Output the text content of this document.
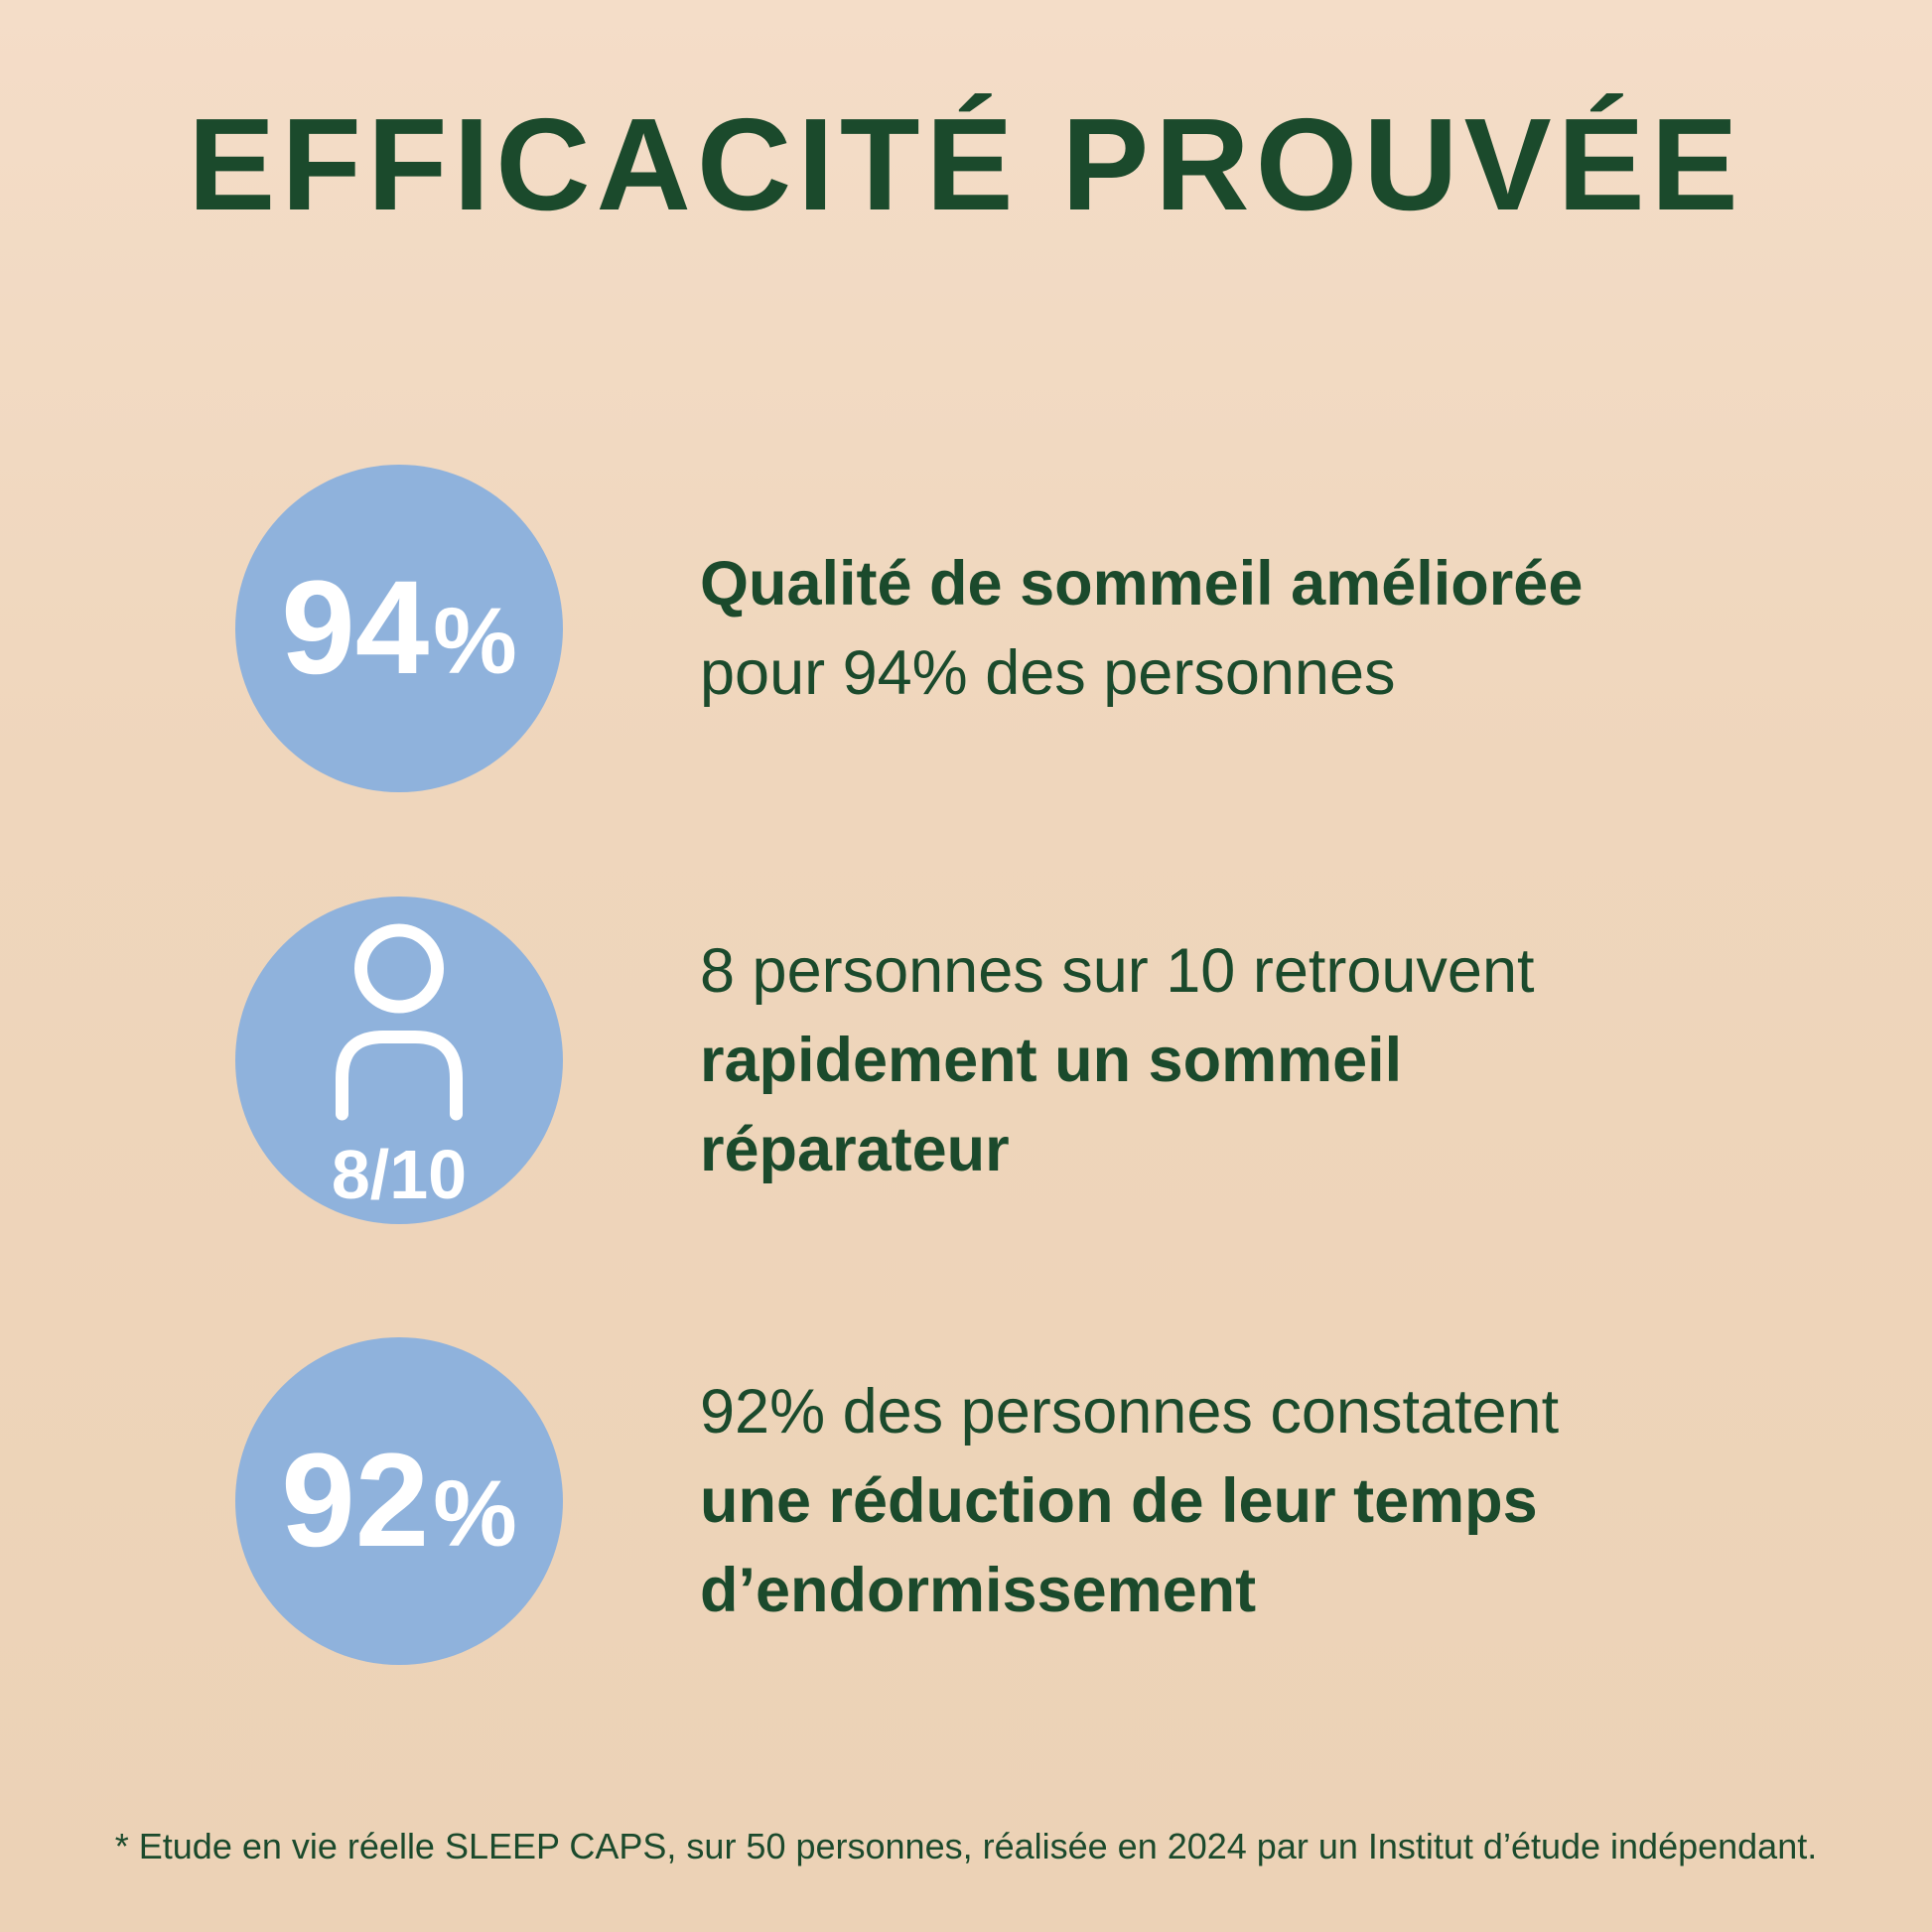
EFFICACITÉ PROUVÉE
94 %

Qualité de sommeil améliorée

pour 94% des personnes

8/10

8 personnes sur 10 retrouvent

rapidement un sommeil

réparateur

92 %

92% des personnes constatent

une réduction de leur temps

d’endormissement

* Etude en vie réelle SLEEP CAPS, sur 50 personnes, réalisée en 2024 par un Institut d’étude indépendant.
